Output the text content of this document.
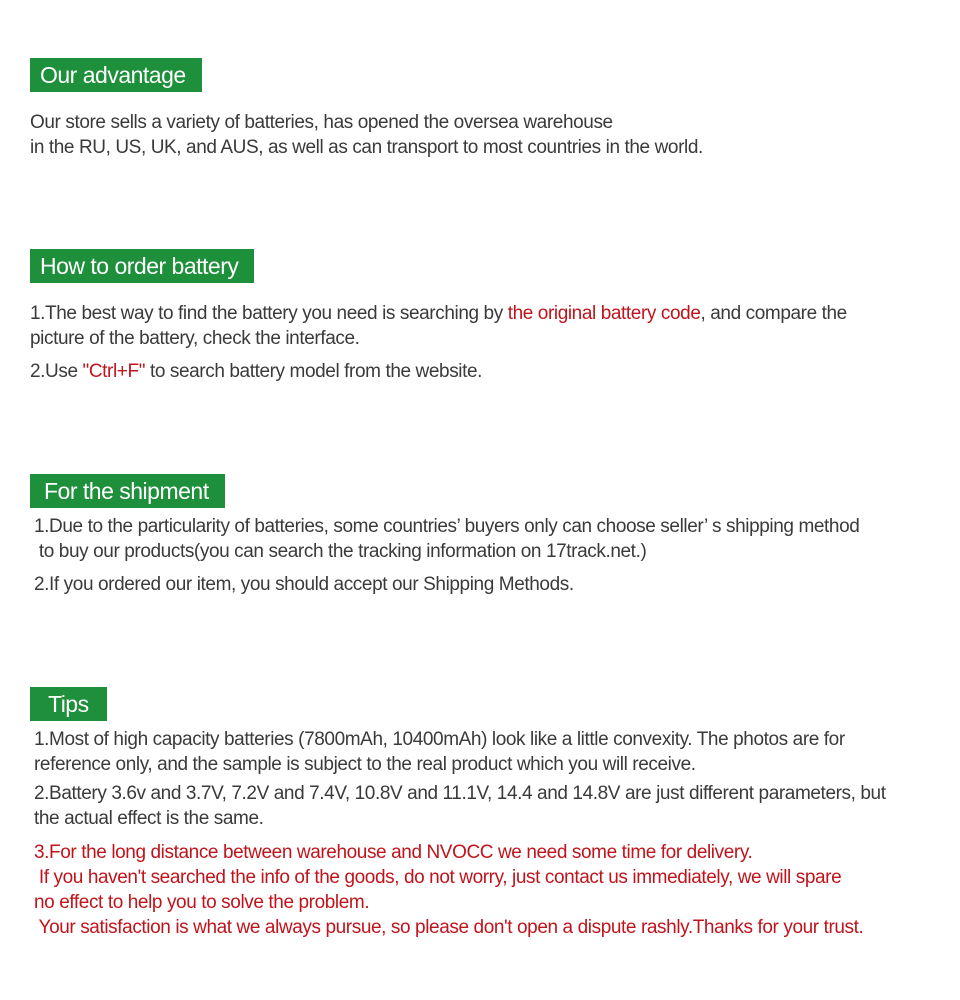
Our advantage
Our store sells a variety of batteries, has opened the oversea warehouse
in the RU, US, UK, and AUS, as well as can transport to most countries in the world.
How to order battery
1.The best way to find the battery you need is searching by the original battery code, and compare the
picture of the battery, check the interface.
2.Use "Ctrl+F" to search battery model from the website.
For the shipment
1.Due to the particularity of batteries, some countries’ buyers only can choose seller’ s shipping method
to buy our products(you can search the tracking information on 17track.net.)
2.If you ordered our item, you should accept our Shipping Methods.
Tips
1.Most of high capacity batteries (7800mAh, 10400mAh) look like a little convexity. The photos are for
reference only, and the sample is subject to the real product which you will receive.
2.Battery 3.6v and 3.7V, 7.2V and 7.4V, 10.8V and 11.1V, 14.4 and 14.8V are just different parameters, but
the actual effect is the same.
3.For the long distance between warehouse and NVOCC we need some time for delivery.
If you haven't searched the info of the goods, do not worry, just contact us immediately, we will spare
no effect to help you to solve the problem.
Your satisfaction is what we always pursue, so please don't open a dispute rashly.Thanks for your trust.
